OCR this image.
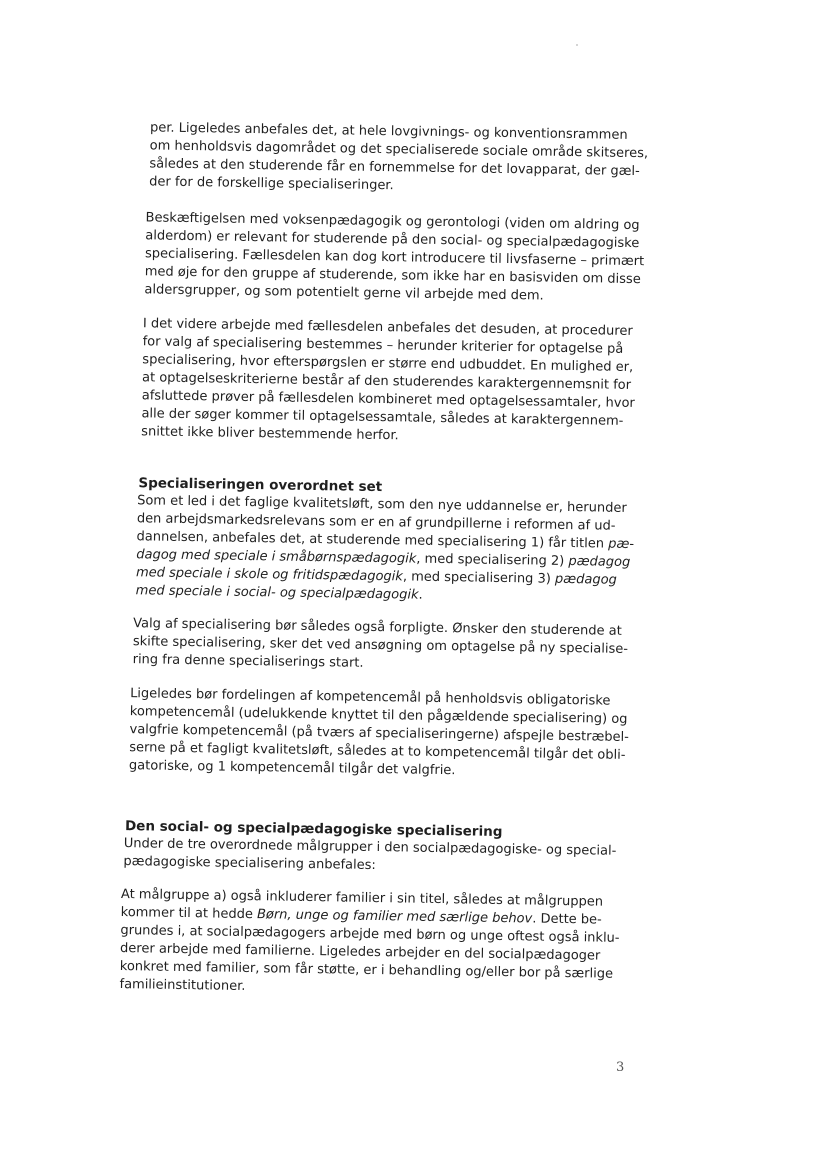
per. Ligeledes anbefales det, at hele lovgivnings- og konventionsrammen
om henholdsvis dagområdet og det specialiserede sociale område skitseres,
således at den studerende får en fornemmelse for det lovapparat, der gæl-
der for de forskellige specialiseringer.
Beskæftigelsen med voksenpædagogik og gerontologi (viden om aldring og
alderdom) er relevant for studerende på den social- og specialpædagogiske
specialisering. Fællesdelen kan dog kort introducere til livsfaserne – primært
med øje for den gruppe af studerende, som ikke har en basisviden om disse
aldersgrupper, og som potentielt gerne vil arbejde med dem.
I det videre arbejde med fællesdelen anbefales det desuden, at procedurer
for valg af specialisering bestemmes – herunder kriterier for optagelse på
specialisering, hvor efterspørgslen er større end udbuddet. En mulighed er,
at optagelseskriterierne består af den studerendes karaktergennemsnit for
afsluttede prøver på fællesdelen kombineret med optagelsessamtaler, hvor
alle der søger kommer til optagelsessamtale, således at karaktergennem-
snittet ikke bliver bestemmende herfor.
Specialiseringen overordnet set
Som et led i det faglige kvalitetsløft, som den nye uddannelse er, herunder
den arbejdsmarkedsrelevans som er en af grundpillerne i reformen af ud-
dannelsen, anbefales det, at studerende med specialisering 1) får titlen pæ-
dagog med speciale i småbørnspædagogik, med specialisering 2) pædagog
med speciale i skole og fritidspædagogik, med specialisering 3) pædagog
med speciale i social- og specialpædagogik.
Valg af specialisering bør således også forpligte. Ønsker den studerende at
skifte specialisering, sker det ved ansøgning om optagelse på ny specialise-
ring fra denne specialiserings start.
Ligeledes bør fordelingen af kompetencemål på henholdsvis obligatoriske
kompetencemål (udelukkende knyttet til den pågældende specialisering) og
valgfrie kompetencemål (på tværs af specialiseringerne) afspejle bestræbel-
serne på et fagligt kvalitetsløft, således at to kompetencemål tilgår det obli-
gatoriske, og 1 kompetencemål tilgår det valgfrie.
Den social- og specialpædagogiske specialisering
Under de tre overordnede målgrupper i den socialpædagogiske- og special-
pædagogiske specialisering anbefales:
At målgruppe a) også inkluderer familier i sin titel, således at målgruppen
kommer til at hedde Børn, unge og familier med særlige behov. Dette be-
grundes i, at socialpædagogers arbejde med børn og unge oftest også inklu-
derer arbejde med familierne. Ligeledes arbejder en del socialpædagoger
konkret med familier, som får støtte, er i behandling og/eller bor på særlige
familieinstitutioner.
3
